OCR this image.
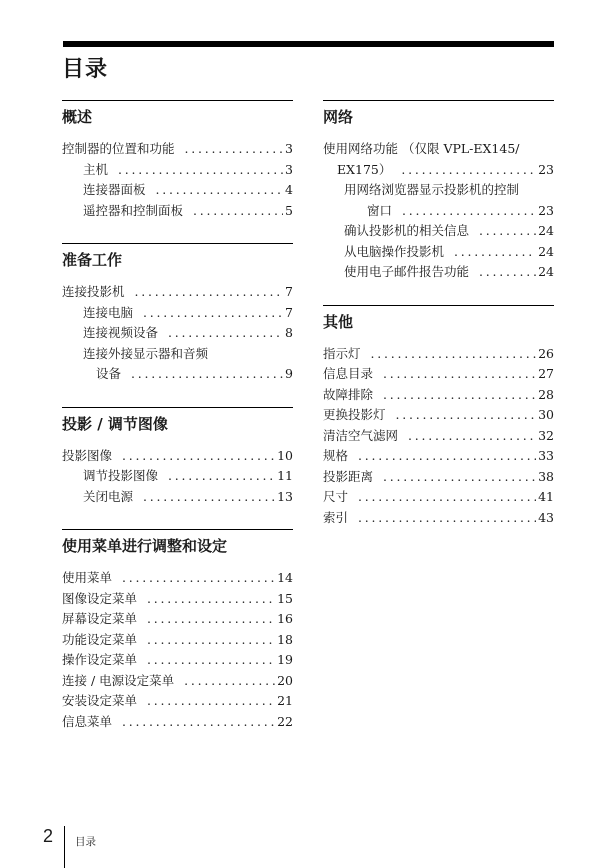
目录
概述
控制器的位置和功能 . . .	3
主机 . . .	3
连接器面板 . . .	4
遥控器和控制面板 . . .	5
准备工作
连接投影机 . . .	7
连接电脑 . . .	7
连接视频设备 . . .	8
连接外接显示器和音频
设备 . . .	9
投影 / 调节图像
投影图像 . . .	10
调节投影图像 . . .	11
关闭电源 . . .	13
使用菜单进行调整和设定
使用菜单 . . .	14
图像设定菜单 . . .	15
屏幕设定菜单 . . .	16
功能设定菜单 . . .	18
操作设定菜单 . . .	19
连接 / 电源设定菜单 . . .	20
安装设定菜单 . . .	21
信息菜单 . . .	22
网络
使用网络功能 （仅限 VPL-EX145/
EX175） . . .	23
用网络浏览器显示投影机的控制
窗口 . . .	23
确认投影机的相关信息 . . .	24
从电脑操作投影机 . . .	24
使用电子邮件报告功能 . . .	24
其他
指示灯 . . .	26
信息目录 . . .	27
故障排除 . . .	28
更换投影灯 . . .	30
清洁空气滤网 . . .	32
规格 . . .	33
投影距离 . . .	38
尺寸 . . .	41
索引 . . .	43
2 目录
